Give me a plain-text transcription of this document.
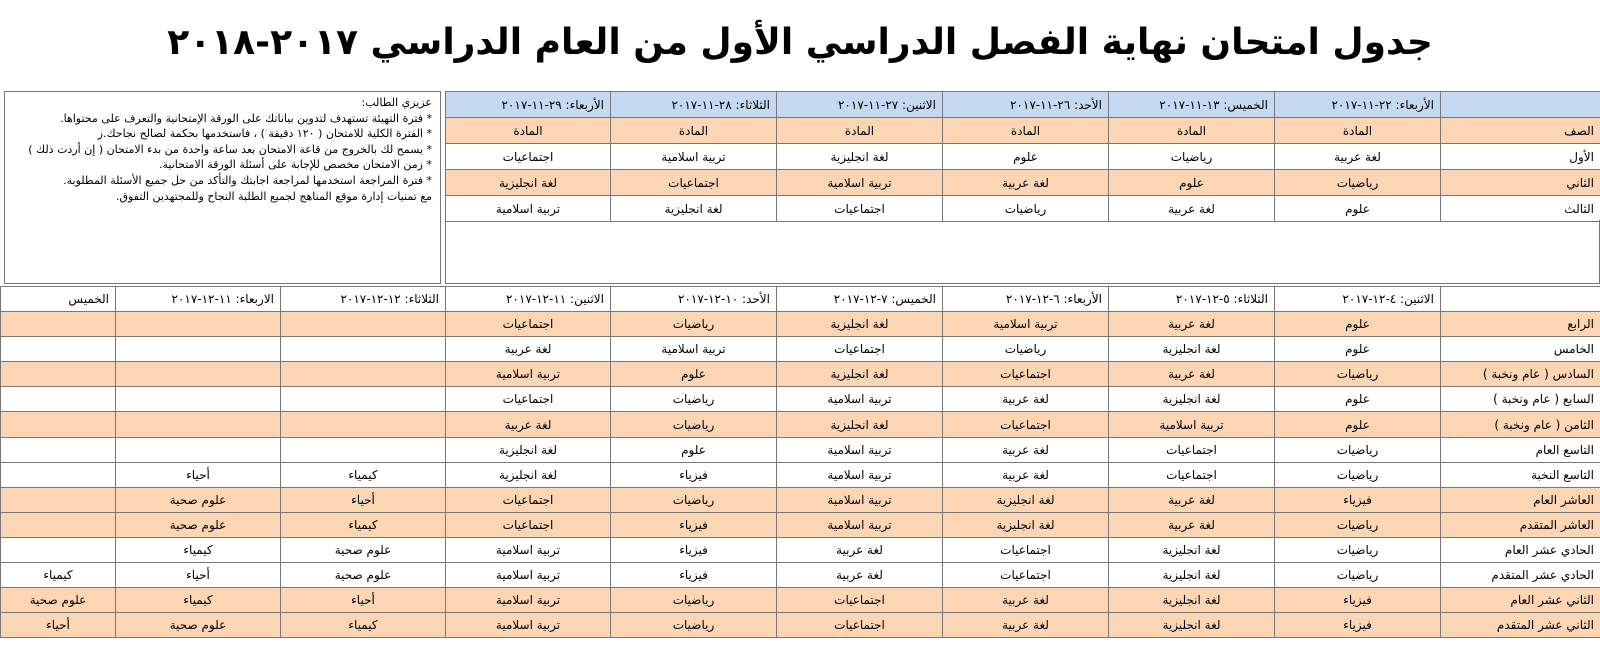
جدول امتحان نهاية الفصل الدراسي الأول من العام الدراسي ٢٠١٧-٢٠١٨
عزيزي الطالب:
* فترة التهيئة تستهدف لتدوين بياناتك على الورقة الإمتحانية والتعرف على محتواها.
* الفترة الكلية للامتحان ( ١٢٠ دقيقة ) ، فاستخدمها بحكمة لصالح نجاحك.ز
* يسمح لك بالخروج من قاعة الامتحان بعد ساعة واحدة من بدء الامتحان ( إن أردت ذلك )
* زمن الامتحان مخصص للإجابة على أسئلة الورقة الامتحانية.
* فترة المراجعة استخدمها لمراجعة اجابتك والتأكد من حل جميع الأسئلة المطلوبة.
مع تمنيات إدارة موقع المناهج لجميع الطلبة النجاح وللمجتهدين التفوق.
	الأربعاء: ٢٢-١١-٢٠١٧	الخميس: ١٣-١١-٢٠١٧	الأحد: ٢٦-١١-٢٠١٧	الاثنين: ٢٧-١١-٢٠١٧	الثلاثاء: ٢٨-١١-٢٠١٧	الأربعاء: ٢٩-١١-٢٠١٧
الصف	المادة	المادة	المادة	المادة	المادة	المادة
الأول	لغة عربية	رياضيات	علوم	لغة انجليزية	تربية اسلامية	اجتماعيات
الثاني	رياضيات	علوم	لغة عربية	تربية اسلامية	اجتماعيات	لغة انجليزية
الثالث	علوم	لغة عربية	رياضيات	اجتماعيات	لغة انجليزية	تربية اسلامية
	الاثنين: ٤-١٢-٢٠١٧	الثلاثاء: ٥-١٢-٢٠١٧	الأربعاء: ٦-١٢-٢٠١٧	الخميس: ٧-١٢-٢٠١٧	الأحد: ١٠-١٢-٢٠١٧	الاثنين: ١١-١٢-٢٠١٧	الثلاثاء: ١٢-١٢-٢٠١٧	الاربعاء: ١١-١٢-٢٠١٧	الخميس
الرابع	علوم	لغة عربية	تربية اسلامية	لغة انجليزية	رياضيات	اجتماعيات			
الخامس	علوم	لغة انجليزية	رياضيات	اجتماعيات	تربية اسلامية	لغة عربية			
السادس ( عام ونخبة )	رياضيات	لغة عربية	اجتماعيات	لغة انجليزية	علوم	تربية اسلامية			
السابع ( عام ونخبة )	علوم	لغة انجليزية	لغة عربية	تربية اسلامية	رياضيات	اجتماعيات			
الثامن ( عام ونخبة )	علوم	تربية اسلامية	اجتماعيات	لغة انجليزية	رياضيات	لغة عربية			
التاسع العام	رياضيات	اجتماعيات	لغة عربية	تربية اسلامية	علوم	لغة انجليزية			
التاسع النخبة	رياضيات	اجتماعيات	لغة عربية	تربية اسلامية	فيزياء	لغة انجليزية	كيمياء	أحياء	
العاشر العام	فيزياء	لغة عربية	لغة انجليزية	تربية اسلامية	رياضيات	اجتماعيات	أحياء	علوم صحية	
العاشر المتقدم	رياضيات	لغة عربية	لغة انجليزية	تربية اسلامية	فيزياء	اجتماعيات	كيمياء	علوم صحية	
الحادي عشر العام	رياضيات	لغة انجليزية	اجتماعيات	لغة عربية	فيزياء	تربية اسلامية	علوم صحية	كيمياء	
الحادي عشر المتقدم	رياضيات	لغة انجليزية	اجتماعيات	لغة عربية	فيزياء	تربية اسلامية	علوم صحية	أحياء	كيمياء
الثاني عشر العام	فيزياء	لغة انجليزية	لغة عربية	اجتماعيات	رياضيات	تربية اسلامية	أحياء	كيمياء	علوم صحية
الثاني عشر المتقدم	فيزياء	لغة انجليزية	لغة عربية	اجتماعيات	رياضيات	تربية اسلامية	كيمياء	علوم صحية	أحياء
